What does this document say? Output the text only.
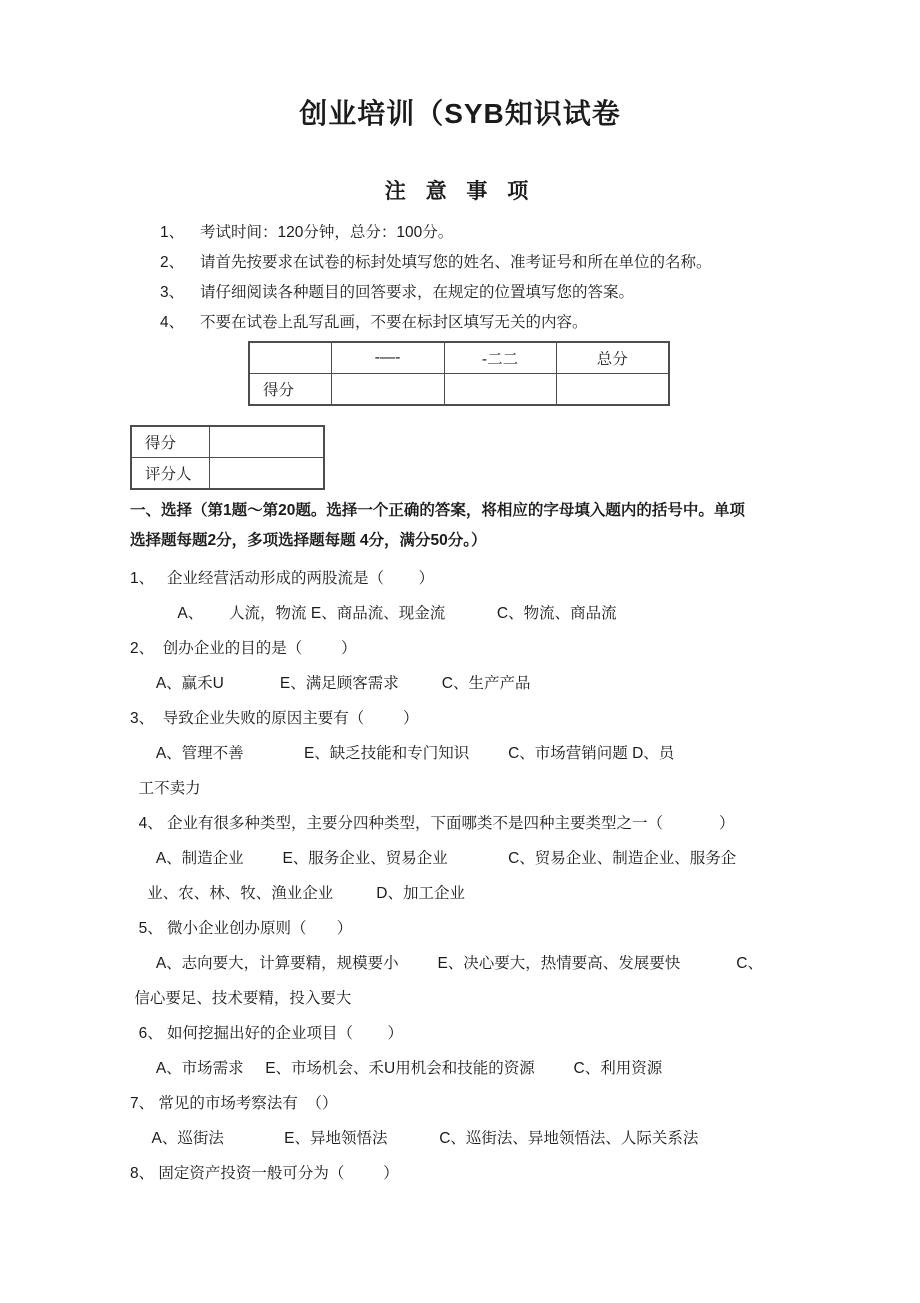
创业培训（SYB知识试卷
注 意 事 项
1、	考试时间：120分钟，总分：100分。
2、	请首先按要求在试卷的标封处填写您的姓名、准考证号和所在单位的名称。
3、	请仔细阅读各种题目的回答要求，在规定的位置填写您的答案。
4、	不要在试卷上乱写乱画，不要在标封区填写无关的内容。
	-—-	-二二	总分
得分			
得分	
评分人	
一、选择（第1题～第20题。选择一个正确的答案，将相应的字母填入题内的括号中。单项
选择题每题2分，多项选择题每题 4分，满分50分。）
1、   企业经营活动形成的两股流是（        ）
A、      人流，物流 E、商品流、现金流            C、物流、商品流
2、  创办企业的目的是（         ）
A、赢禾U             E、满足顾客需求          C、生产产品
3、  导致企业失败的原因主要有（         ）
A、管理不善              E、缺乏技能和专门知识         C、市场营销问题 D、员
工不卖力
4、 企业有很多种类型，主要分四种类型，下面哪类不是四种主要类型之一（             ）
A、制造企业         E、服务企业、贸易企业              C、贸易企业、制造企业、服务企
业、农、林、牧、渔业企业          D、加工企业
5、 微小企业创办原则（       ）
A、志向要大，计算要精，规模要小         E、决心要大，热情要高、发展要快             C、
信心要足、技术要精，投入要大
6、 如何挖掘出好的企业项目（        ）
A、市场需求     E、市场机会、禾U用机会和技能的资源         C、利用资源
7、 常见的市场考察法有  （）
A、巡街法              E、异地领悟法            C、巡街法、异地领悟法、人际关系法
8、 固定资产投资一般可分为（         ）
